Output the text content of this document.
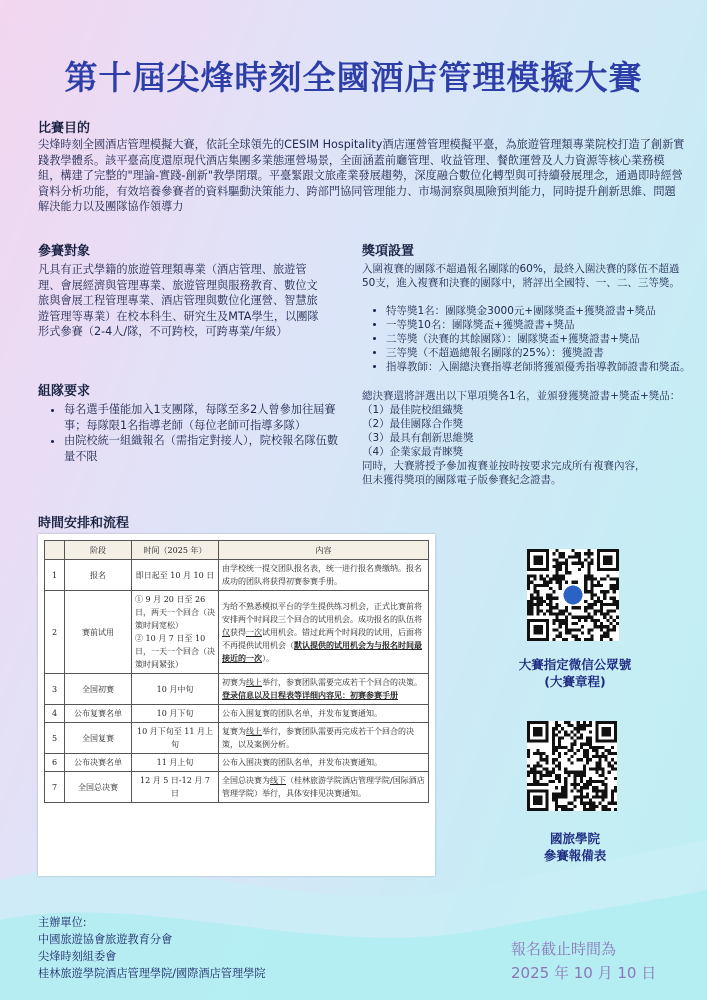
第十屆尖烽時刻全國酒店管理模擬大賽
比賽目的

尖烽時刻全國酒店管理模擬大賽，依託全球領先的CESIM Hospitality酒店運營管理模擬平臺，為旅遊管理類專業院校打造了創新實踐教學體系。該平臺高度還原現代酒店集團多業態運營場景，全面涵蓋前廳管理、收益管理、餐飲運營及人力資源等核心業務模組，構建了完整的"理論-實踐-創新"教學閉環。平臺緊跟文旅產業發展趨勢，深度融合數位化轉型與可持續發展理念，通過即時經營資料分析功能，有效培養參賽者的資料驅動決策能力、跨部門協同管理能力、市場洞察與風險預判能力，同時提升創新思維、問題解決能力以及團隊協作領導力

參賽對象

凡具有正式學籍的旅遊管理類專業（酒店管理、旅遊管理、會展經濟與管理專業、旅遊管理與服務教育、數位文旅與會展工程管理專業、酒店管理與數位化運營、智慧旅遊管理等專業）在校本科生、研究生及MTA學生，以團隊形式參賽（2-4人/隊，不可跨校，可跨專業/年級）

組隊要求
• 每名選手僅能加入1支團隊，每隊至多2人曾參加往屆賽事；每隊限1名指導老師（每位老師可指導多隊）
• 由院校統一組織報名（需指定對接人），院校報名隊伍數量不限
獎項設置

入圍複賽的團隊不超過報名團隊的60%，最終入圍決賽的隊伍不超過50支，進入複賽和決賽的團隊中，將評出全國特、一、二、三等獎。

• 特等獎1名：團隊獎金3000元+團隊獎盃+獲獎證書+獎品
• 一等獎10名：團隊獎盃+獲獎證書+獎品
• 二等獎（決賽的其餘團隊）：團隊獎盃+獲獎證書+獎品
• 三等獎（不超過總報名團隊的25%）：獲獎證書
• 指導教師：入圍總決賽指導老師將獲頒優秀指導教師證書和獎盃。
總決賽還將評選出以下單項獎各1名，並頒發獲獎證書+獎盃+獎品：
（1）最佳院校組織獎
（2）最佳團隊合作獎
（3）最具有創新思維獎
（4）企業家最青睞獎
同時，大賽將授予參加複賽並按時按要求完成所有複賽內容，
但未獲得獎項的團隊電子版參賽紀念證書。
時間安排和流程
	阶段	时间（2025 年）	内容
1	报名	即日起至 10 月 10 日	由学校统一提交团队报名表，统一进行报名费缴纳。报名成功的团队将获得初赛参赛手册。
2	赛前试用	① 9 月 20 日至 26 日，两天一个回合（决策时间宽松）
② 10 月 7 日至 10 日，一天一个回合（决策时间紧张）	为给不熟悉模拟平台的学生提供练习机会，正式比赛前将安排两个时间段三个回合的试用机会。成功报名的队伍将仅获得一次试用机会。错过此两个时间段的试用，后面将不再提供试用机会（默认提供的试用机会为与报名时间最接近的一次）。
3	全国初赛	10 月中旬	初赛为线上举行，参赛团队需要完成若干个回合的决策。登录信息以及日程表等详细内容见：初赛参赛手册
4	公布复赛名单	10 月下旬	公布入围复赛的团队名单，并发布复赛通知。
5	全国复赛	10 月下旬至 11 月上旬	复赛为线上举行，参赛团队需要再完成若干个回合的决策，以及案例分析。
6	公布决赛名单	11 月上旬	公布入围决赛的团队名单，并发布决赛通知。
7	全国总决赛	12 月 5 日-12 月 7 日	全国总决赛为线下（桂林旅游学院酒店管理学院/国际酒店管理学院）举行，具体安排见决赛通知。
大賽指定微信公眾號
(大賽章程)
國旅學院
參賽報備表
主辦單位:
中國旅遊協會旅遊教育分會
尖烽時刻組委會
桂林旅遊學院酒店管理學院/國際酒店管理學院
報名截止時間為
2025 年 10 月 10 日
